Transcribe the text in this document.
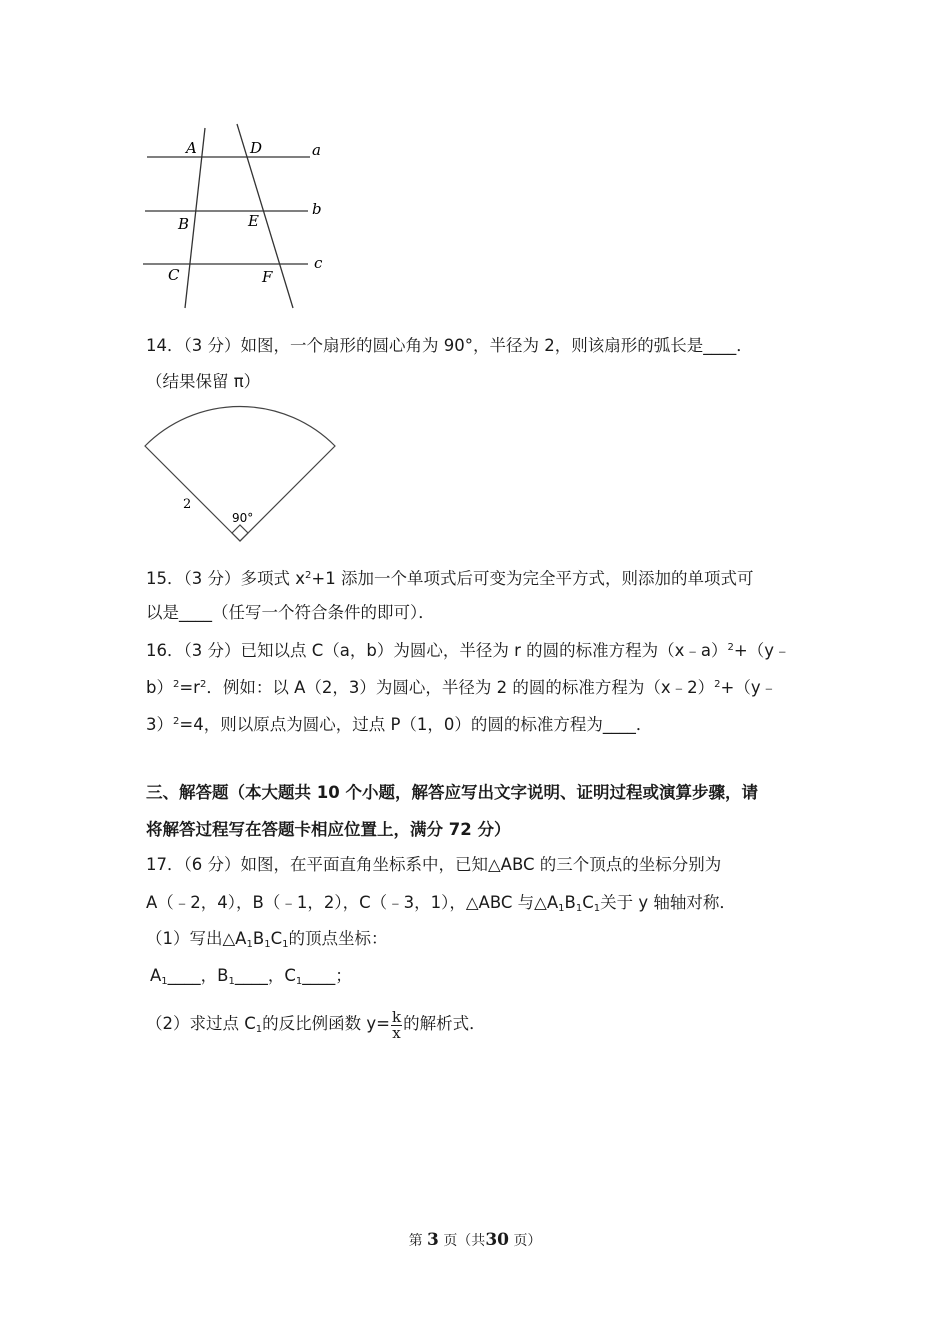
A	D	a
B	E
b
C	F
c
14．（3 分）如图，一个扇形的圆心角为 90°，半径为 2，则该扇形的弧长是____．
（结果保留 π）
2
90°
15．（3 分）多项式 $x^2+1$ 添加一个单项式后可变为完全平方式，则添加的单项式可
以是____（任写一个符合条件的即可）．
16．（3 分）已知以点 C（a，b）为圆心，半径为 r 的圆的标准方程为（x﹣a）$^2$+（y﹣
$b)^2=r^2$．例如：以 A（2，3）为圆心，半径为 2 的圆的标准方程为（x﹣2）$^2$+（y﹣
3）$^2$=4，则以原点为圆心，过点 P（1，0）的圆的标准方程为____．
三、解答题（本大题共 10 个小题，解答应写出文字说明、证明过程或演算步骤，请
将解答过程写在答题卡相应位置上，满分 72 分）
17．（6 分）如图，在平面直角坐标系中，已知△ABC 的三个顶点的坐标分别为
A（﹣2，4），B（﹣1，2），C（﹣3，1），△ABC 与$\triangle A_1B_1C_1$关于 y 轴轴对称．
（1）写出$\triangle A_1B_1C_1$的顶点坐标：
$A_1\_\_\_\_$，$B_1\_\_\_\_$，$C_1\_\_\_\_$；
（2）求过点 $C_1$的反比例函数 $y= \frac{k}{x}$ 的解析式．
第 3 页（共30 页）
